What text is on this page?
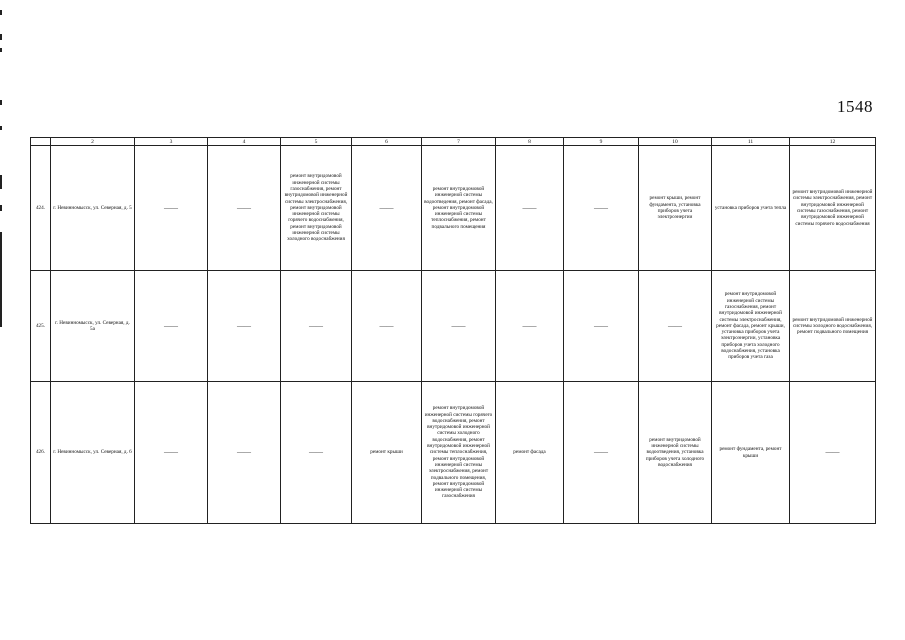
1548
	2	3	4	5	6	7	8	9	10	11	12
424.	г. Невинномысск, ул. Северная, д. 5	——	——	ремонт внутридомовой инженерной системы газоснабжения, ремонт внутридомовой инженерной системы электроснабжения, ремонт внутридомовой инженерной системы горячего водоснабжения, ремонт внутридомовой инженерной системы холодного водоснабжения	——	ремонт внутридомовой инженерной системы водоотведения, ремонт фасада, ремонт внутридомовой инженерной системы теплоснабжения, ремонт подвального помещения	——	——	ремонт крыши, ремонт фундамента, установка приборов учета электроэнергии	установка приборов учета тепла	ремонт внутридомовой инженерной системы электроснабжения, ремонт внутридомовой инженерной системы газоснабжения, ремонт внутридомовой инженерной системы горячего водоснабжения
425.	г. Невинномысск, ул. Северная, д. 5а	——	——	——	——	——	——	——	——	ремонт внутридомовой инженерной системы газоснабжения, ремонт внутридомовой инженерной системы электроснабжения, ремонт фасада, ремонт крыши, установка приборов учета электроэнергии, установка приборов учета холодного водоснабжения, установка приборов учета газа	ремонт внутридомовой инженерной системы холодного водоснабжения, ремонт подвального помещения
426.	г. Невинномысск, ул. Северная, д. 6	——	——	——	ремонт крыши	ремонт внутридомовой инженерной системы горячего водоснабжения, ремонт внутридомовой инженерной системы холодного водоснабжения, ремонт внутридомовой инженерной системы теплоснабжения, ремонт внутридомовой инженерной системы электроснабжения, ремонт подвального помещения, ремонт внутридомовой инженерной системы газоснабжения	ремонт фасада	——	ремонт внутридомовой инженерной системы водоотведения, установка приборов учета холодного водоснабжения	ремонт фундамента, ремонт крыши	——
